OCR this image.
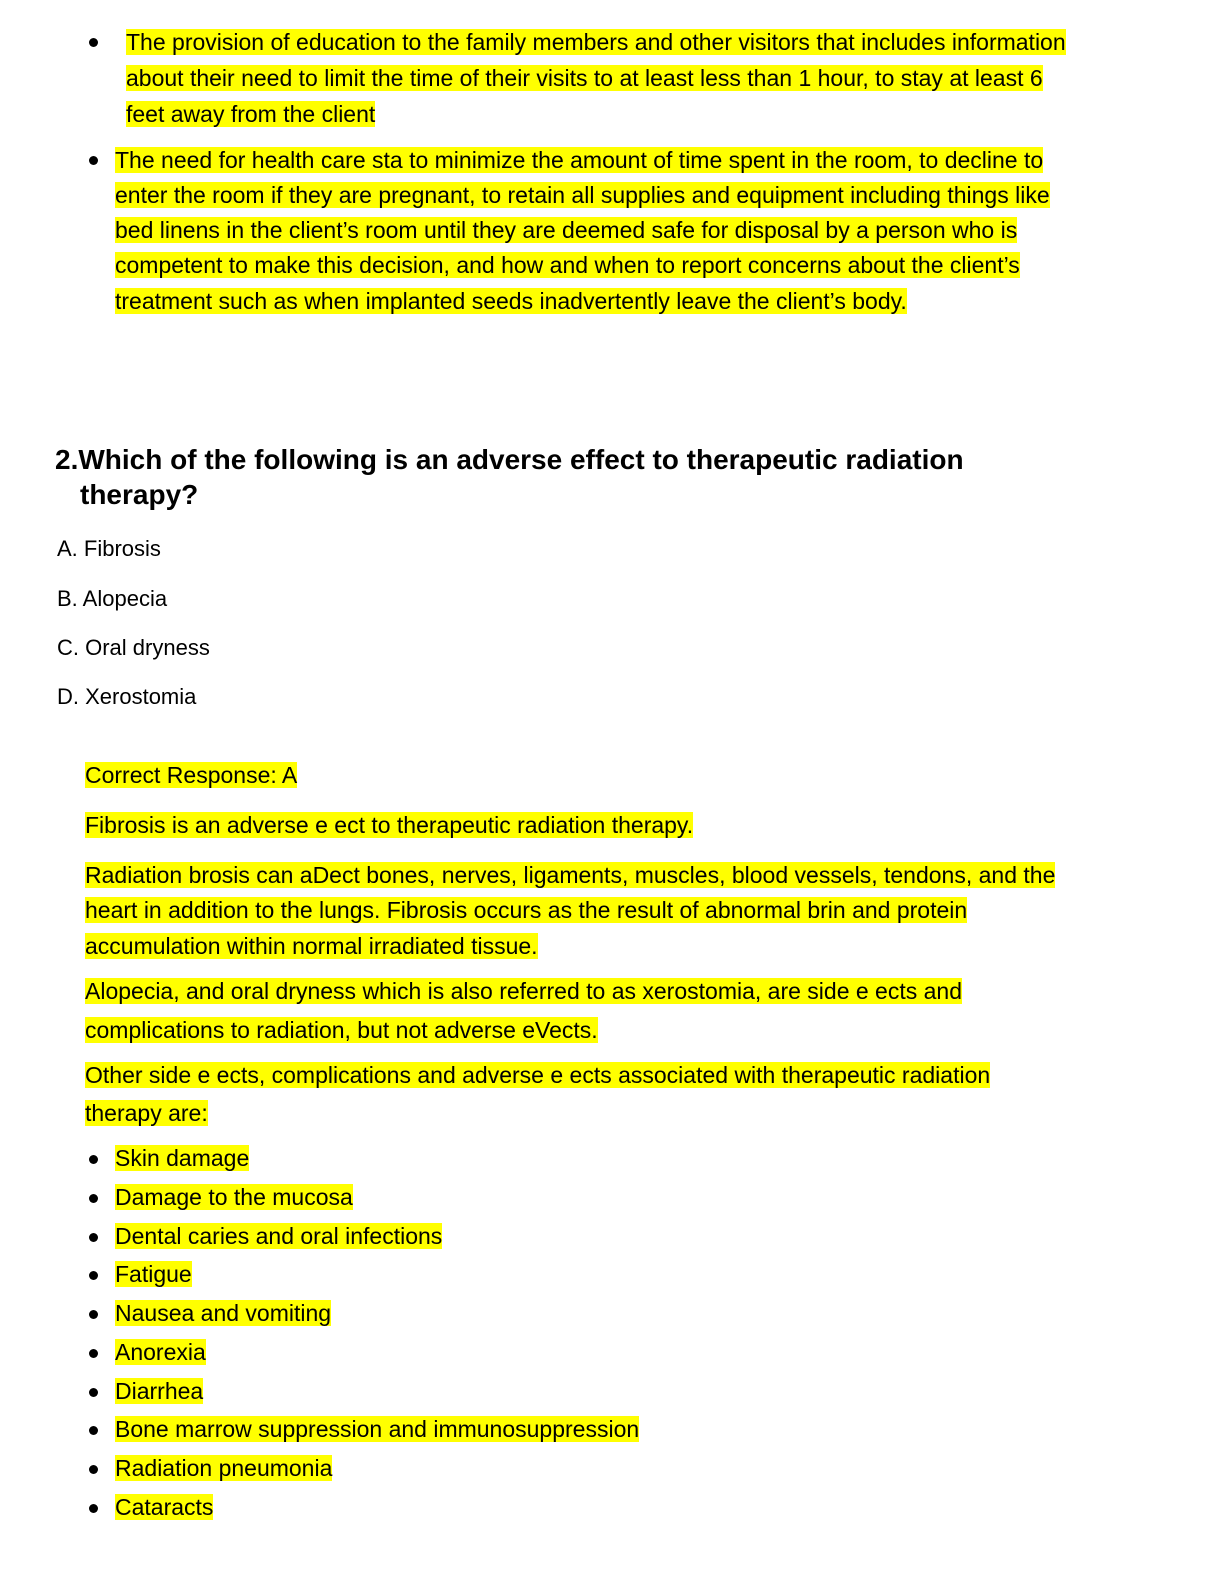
The provision of education to the family members and other visitors that includes information
about their need to limit the time of their visits to at least less than 1 hour, to stay at least 6
feet away from the client
The need for health care sta to minimize the amount of time spent in the room, to decline to
enter the room if they are pregnant, to retain all supplies and equipment including things like
bed linens in the client’s room until they are deemed safe for disposal by a person who is
competent to make this decision, and how and when to report concerns about the client’s
treatment such as when implanted seeds inadvertently leave the client’s body.
2.Which of the following is an adverse effect to therapeutic radiation
therapy?
A. Fibrosis
B. Alopecia
C. Oral dryness
D. Xerostomia
Correct Response: A
Fibrosis is an adverse e ect to therapeutic radiation therapy.
Radiation brosis can aDect bones, nerves, ligaments, muscles, blood vessels, tendons, and the
heart in addition to the lungs. Fibrosis occurs as the result of abnormal brin and protein
accumulation within normal irradiated tissue.
Alopecia, and oral dryness which is also referred to as xerostomia, are side e ects and
complications to radiation, but not adverse eVects.
Other side e ects, complications and adverse e ects associated with therapeutic radiation
therapy are:
Skin damage
Damage to the mucosa
Dental caries and oral infections
Fatigue
Nausea and vomiting
Anorexia
Diarrhea
Bone marrow suppression and immunosuppression
Radiation pneumonia
Cataracts
